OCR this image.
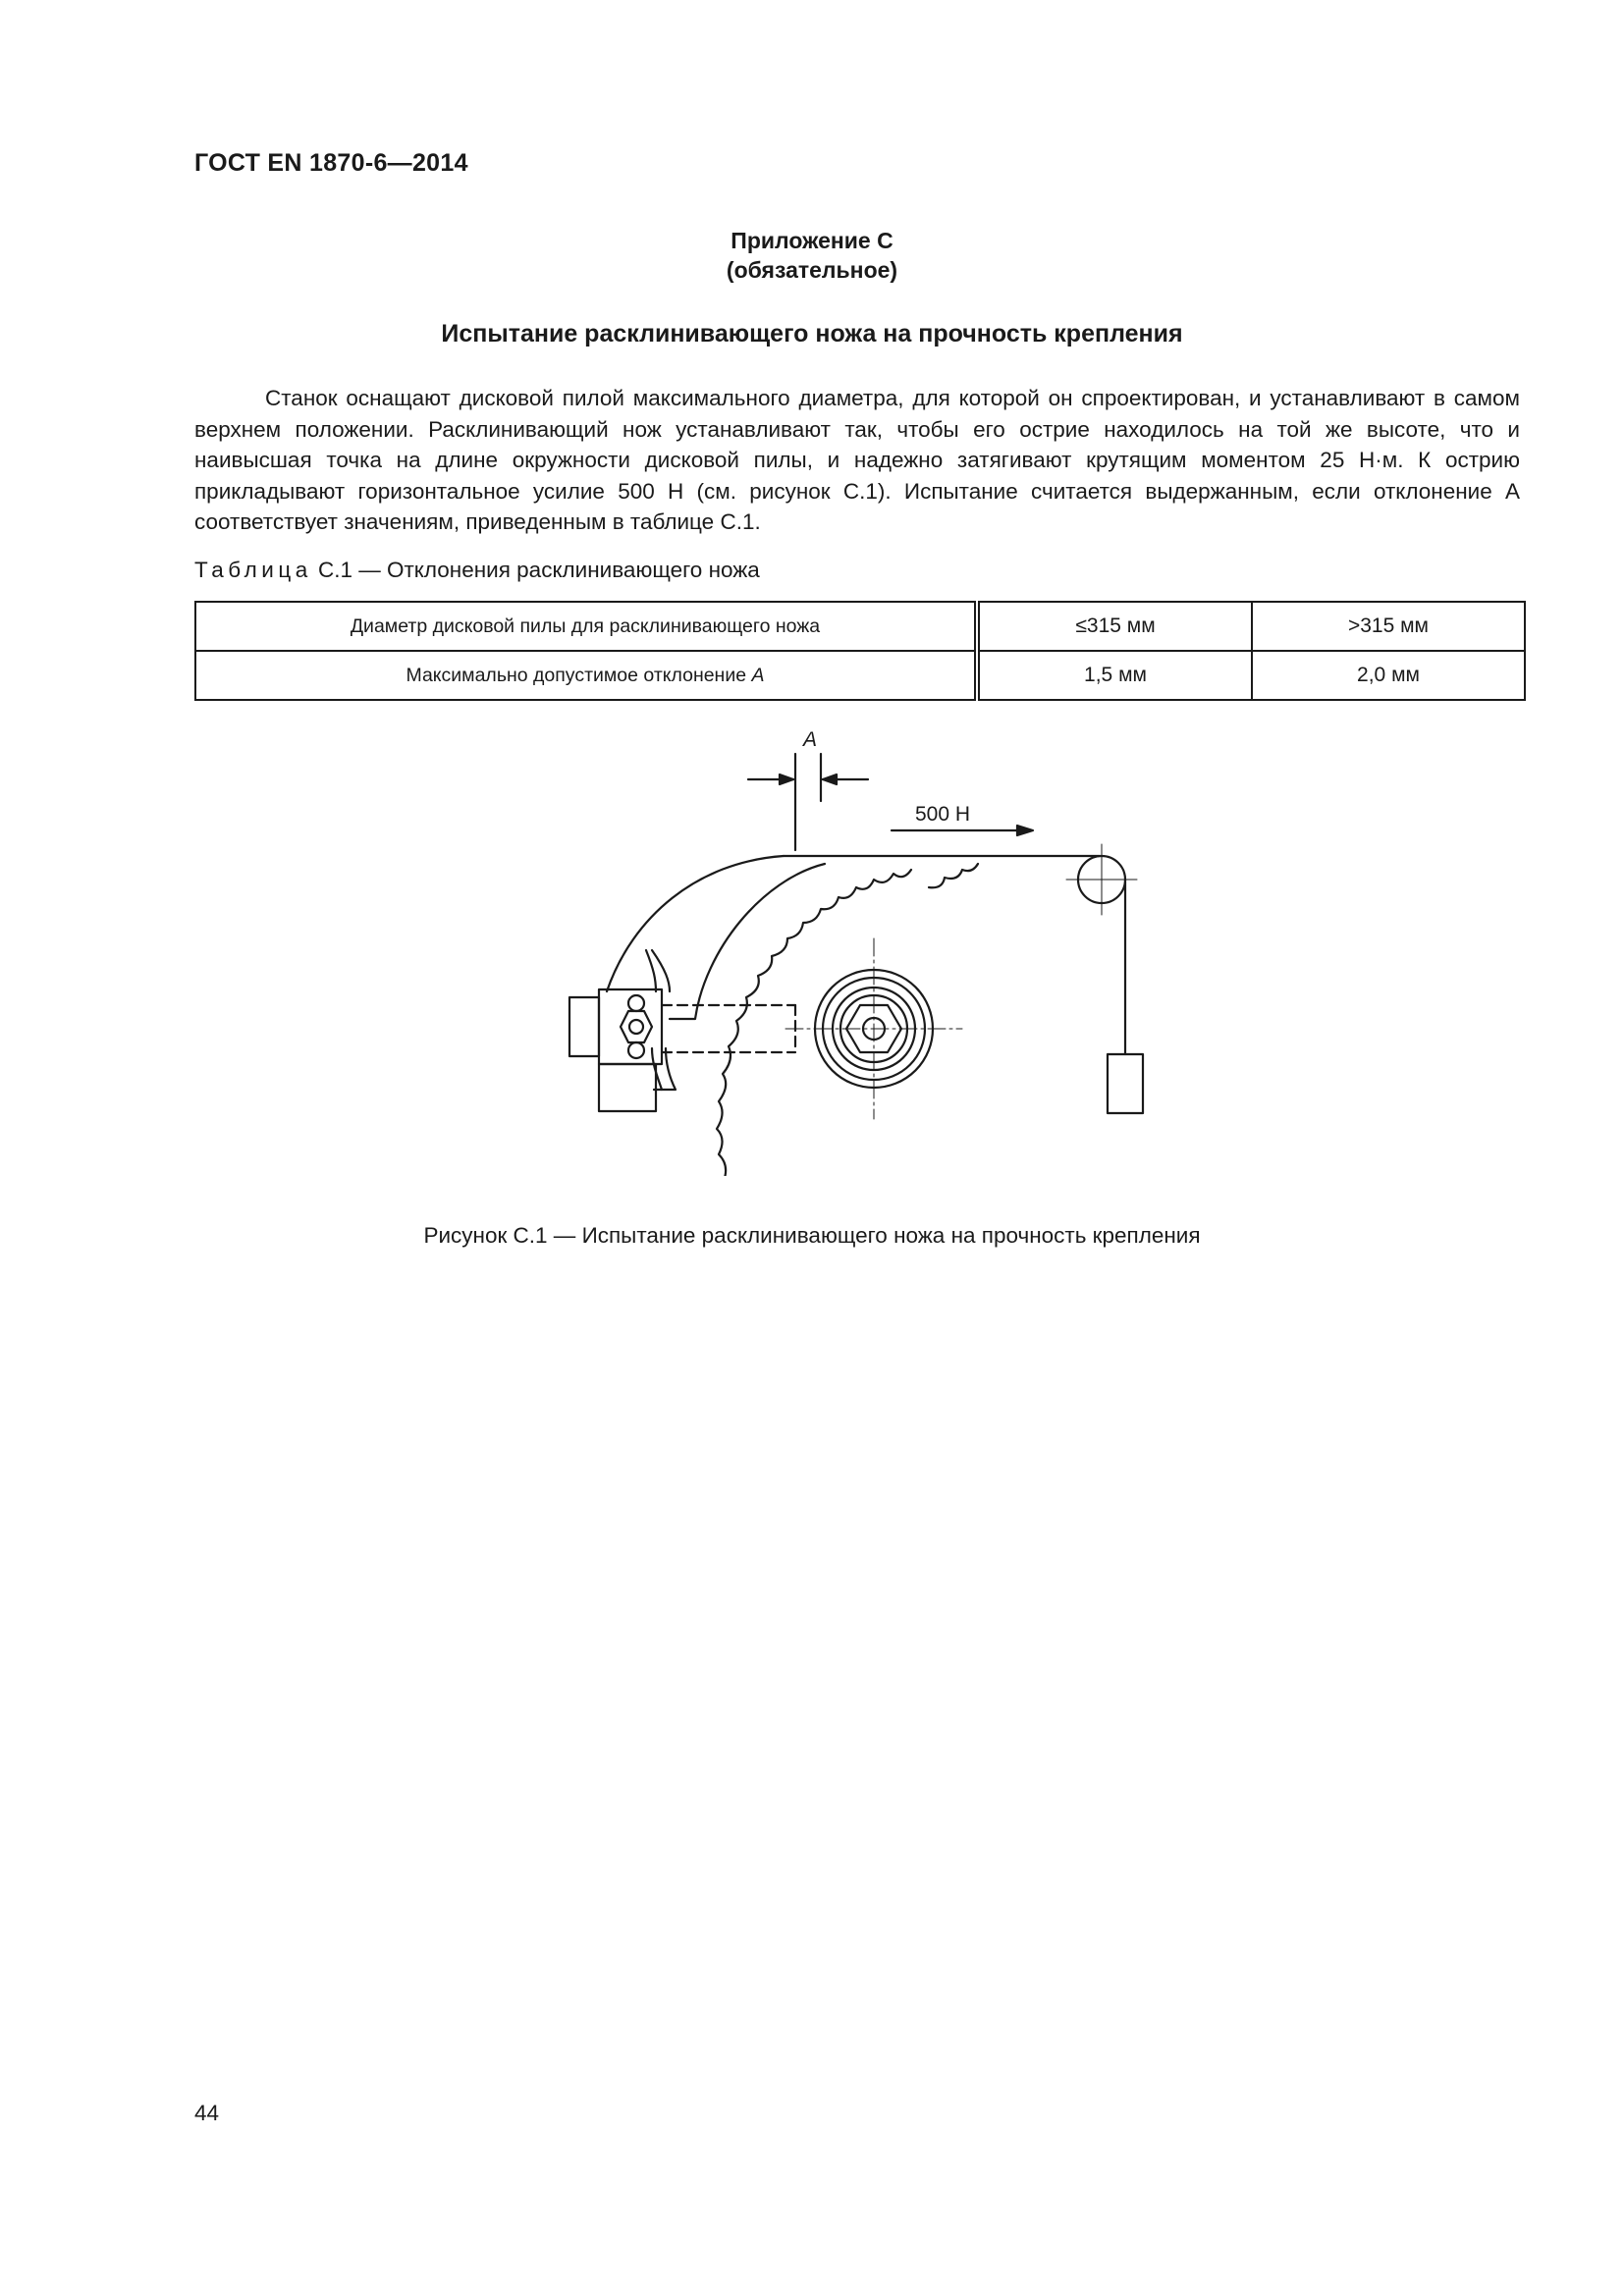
ГОСТ EN 1870-6—2014
Приложение С
(обязательное)
Испытание расклинивающего ножа на прочность крепления

Станок оснащают дисковой пилой максимального диаметра, для которой он спроектирован, и устанавливают в самом верхнем положении. Расклинивающий нож устанавливают так, чтобы его острие находилось на той же высоте, что и наивысшая точка на длине окружности дисковой пилы, и надежно затягивают крутящим моментом 25 Н·м. К острию прикладывают горизонтальное усилие 500 Н (см. рисунок С.1). Испытание считается выдержанным, если отклонение А соответствует значениям, приведенным в таблице С.1.

Таблица С.1 — Отклонения расклинивающего ножа
Диаметр дисковой пилы для расклинивающего ножа	≤315 мм	>315 мм
Максимально допустимое отклонение А	1,5 мм	2,0 мм
А
500 Н
Рисунок С.1 — Испытание расклинивающего ножа на прочность крепления
44
